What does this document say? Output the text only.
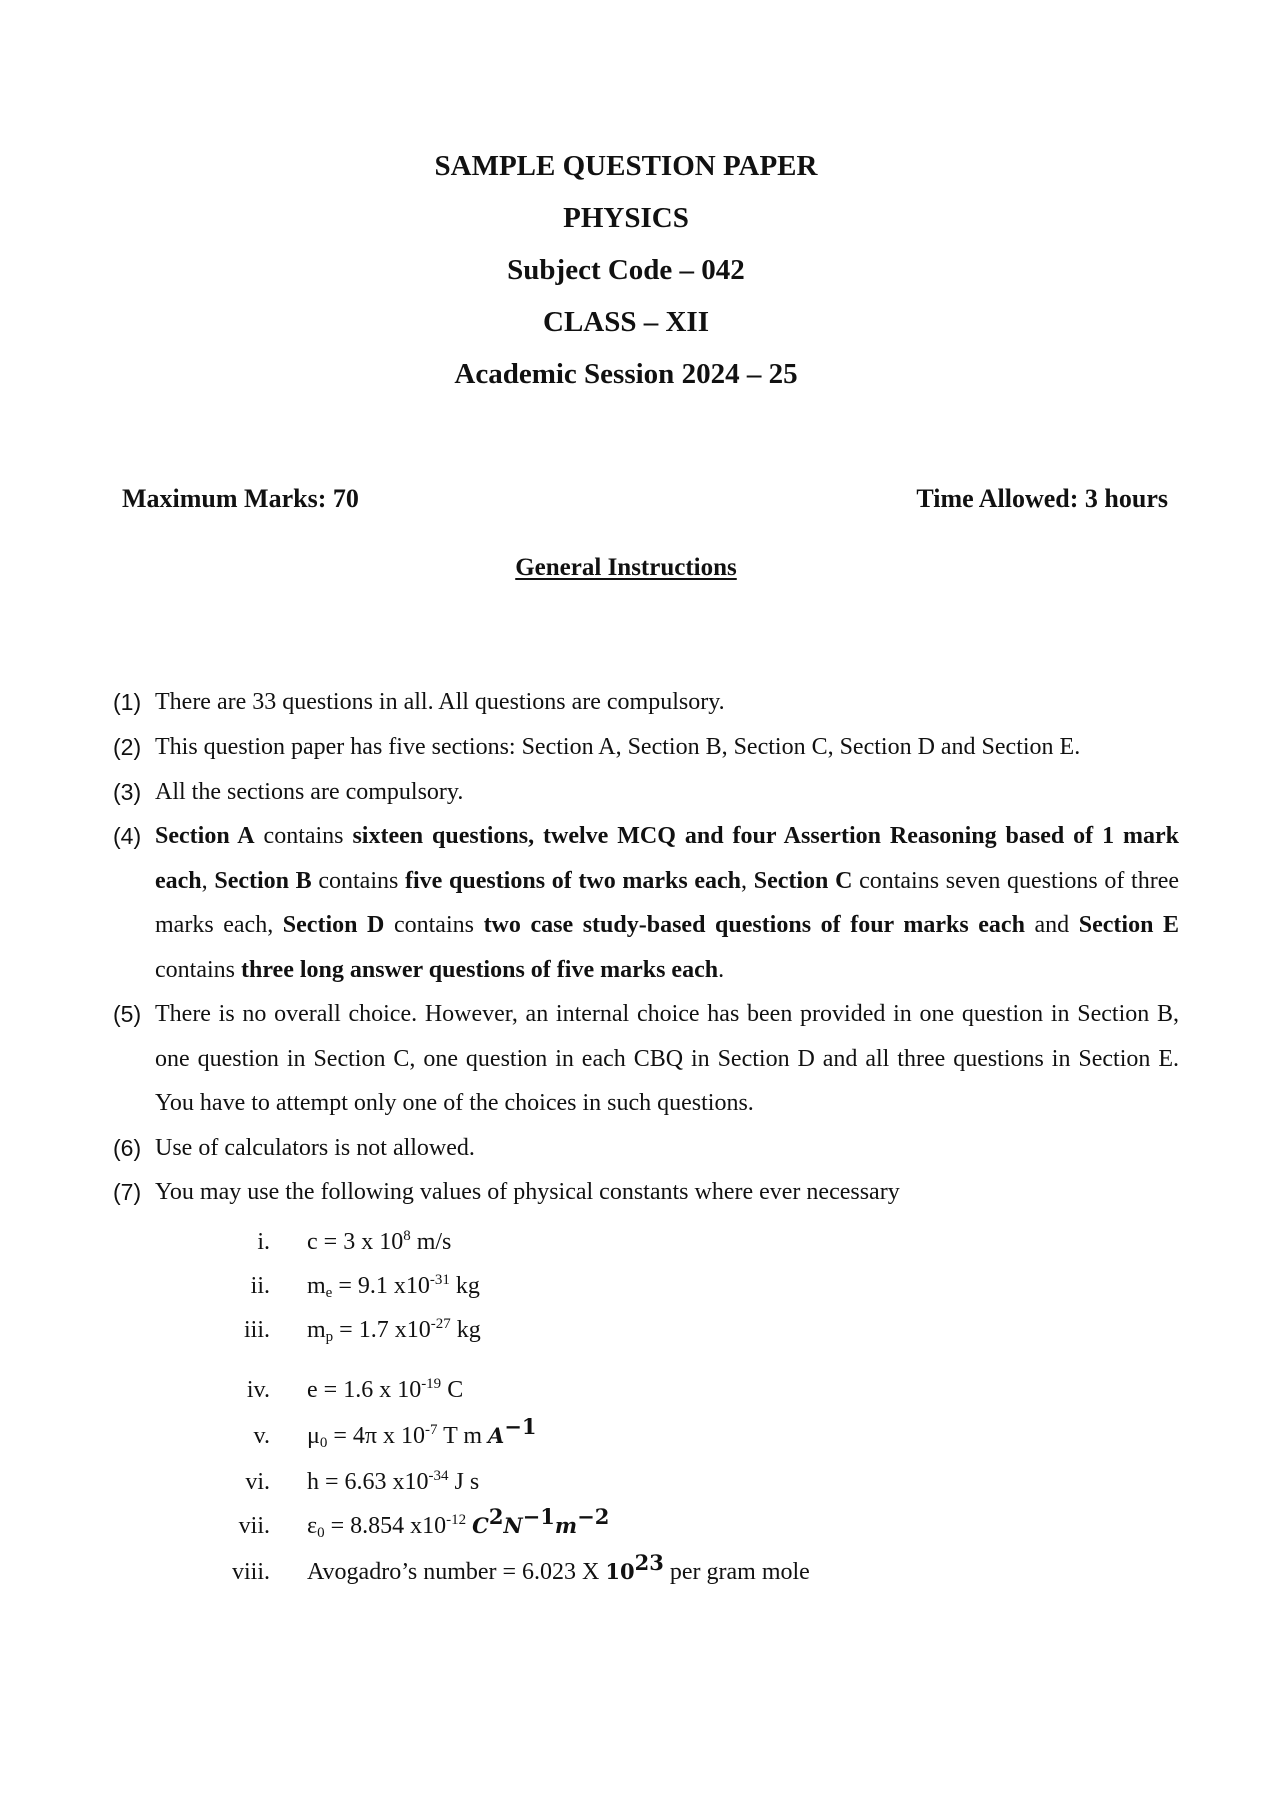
SAMPLE QUESTION PAPER
PHYSICS
Subject Code – 042
CLASS – XII
Academic Session 2024 – 25
Maximum Marks: 70	Time Allowed: 3 hours
General Instructions
(1) There are 33 questions in all. All questions are compulsory.
(2) This question paper has five sections: Section A, Section B, Section C, Section D and Section E.
(3) All the sections are compulsory.
(4) Section A contains sixteen questions, twelve MCQ and four Assertion Reasoning based of 1 mark each, Section B contains five questions of two marks each, Section C contains seven questions of three marks each, Section D contains two case study-based questions of four marks each and Section E contains three long answer questions of five marks each.
(5) There is no overall choice. However, an internal choice has been provided in one question in Section B, one question in Section C, one question in each CBQ in Section D and all three questions in Section E. You have to attempt only one of the choices in such questions.
(6) Use of calculators is not allowed.
(7) You may use the following values of physical constants where ever necessary
i. c = 3 x $10^8$ m/s
ii. $m_e = 9.1$ $x10^{-31}$ kg
iii. $m_p = 1.7$ $x10^{-27}$ kg
iv. e = 1.6 x $10^{-19}$ C
v. $\mu_0 = 4\pi$ x $10^{-7}$ T m $A^{-1}$
vi. h = 6.63 $x10^{-34}$ J s
vii. $\varepsilon_0 = 8.854$ $x10^{-12}$ $C^2N^{-1}m^{-2}$
viii. Avogadro’s number = 6.023 X $10^{23}$ per gram mole
